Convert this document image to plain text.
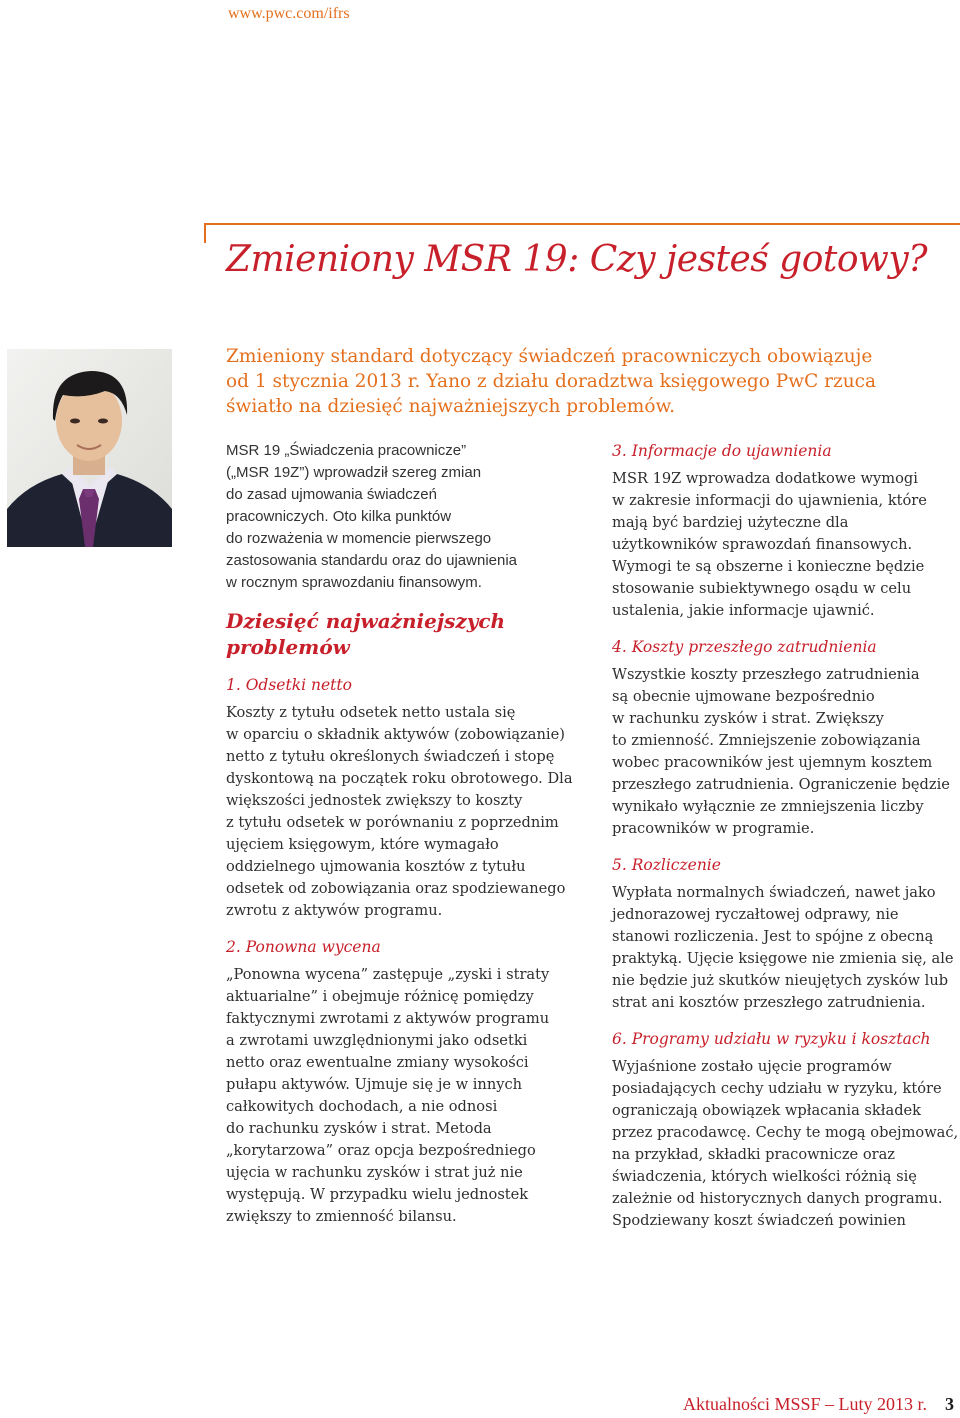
www.pwc.com/ifrs
Zmieniony MSR 19: Czy jesteś gotowy?

Zmieniony standard dotyczący świadczeń pracowniczych obowiązuje

od 1 stycznia 2013 r. Yano z działu doradztwa księgowego PwC rzuca

światło na dziesięć najważniejszych problemów.

MSR 19 „Świadczenia pracownicze”
(„MSR 19Z”) wprowadził szereg zmian
do zasad ujmowania świadczeń
pracowniczych. Oto kilka punktów
do rozważenia w momencie pierwszego
zastosowania standardu oraz do ujawnienia
w rocznym sprawozdaniu finansowym.

Dziesięć najważniejszych
problemów
1. Odsetki netto

Koszty z tytułu odsetek netto ustala się
w oparciu o składnik aktywów (zobowiązanie)
netto z tytułu określonych świadczeń i stopę
dyskontową na początek roku obrotowego. Dla
większości jednostek zwiększy to koszty
z tytułu odsetek w porównaniu z poprzednim
ujęciem księgowym, które wymagało
oddzielnego ujmowania kosztów z tytułu
odsetek od zobowiązania oraz spodziewanego
zwrotu z aktywów programu.

2. Ponowna wycena

„Ponowna wycena” zastępuje „zyski i straty
aktuarialne” i obejmuje różnicę pomiędzy
faktycznymi zwrotami z aktywów programu
a zwrotami uwzględnionymi jako odsetki
netto oraz ewentualne zmiany wysokości
pułapu aktywów. Ujmuje się je w innych
całkowitych dochodach, a nie odnosi
do rachunku zysków i strat. Metoda
„korytarzowa” oraz opcja bezpośredniego
ujęcia w rachunku zysków i strat już nie
występują. W przypadku wielu jednostek
zwiększy to zmienność bilansu.

3. Informacje do ujawnienia

MSR 19Z wprowadza dodatkowe wymogi
w zakresie informacji do ujawnienia, które
mają być bardziej użyteczne dla
użytkowników sprawozdań finansowych.
Wymogi te są obszerne i konieczne będzie
stosowanie subiektywnego osądu w celu
ustalenia, jakie informacje ujawnić.

4. Koszty przeszłego zatrudnienia

Wszystkie koszty przeszłego zatrudnienia
są obecnie ujmowane bezpośrednio
w rachunku zysków i strat. Zwiększy
to zmienność. Zmniejszenie zobowiązania
wobec pracowników jest ujemnym kosztem
przeszłego zatrudnienia. Ograniczenie będzie
wynikało wyłącznie ze zmniejszenia liczby
pracowników w programie.

5. Rozliczenie

Wypłata normalnych świadczeń, nawet jako
jednorazowej ryczałtowej odprawy, nie
stanowi rozliczenia. Jest to spójne z obecną
praktyką. Ujęcie księgowe nie zmienia się, ale
nie będzie już skutków nieujętych zysków lub
strat ani kosztów przeszłego zatrudnienia.

6. Programy udziału w ryzyku i kosztach

Wyjaśnione zostało ujęcie programów
posiadających cechy udziału w ryzyku, które
ograniczają obowiązek wpłacania składek
przez pracodawcę. Cechy te mogą obejmować,
na przykład, składki pracownicze oraz
świadczenia, których wielkości różnią się
zależnie od historycznych danych programu.
Spodziewany koszt świadczeń powinien

Aktualności MSSF – Luty 2013 r. 3
